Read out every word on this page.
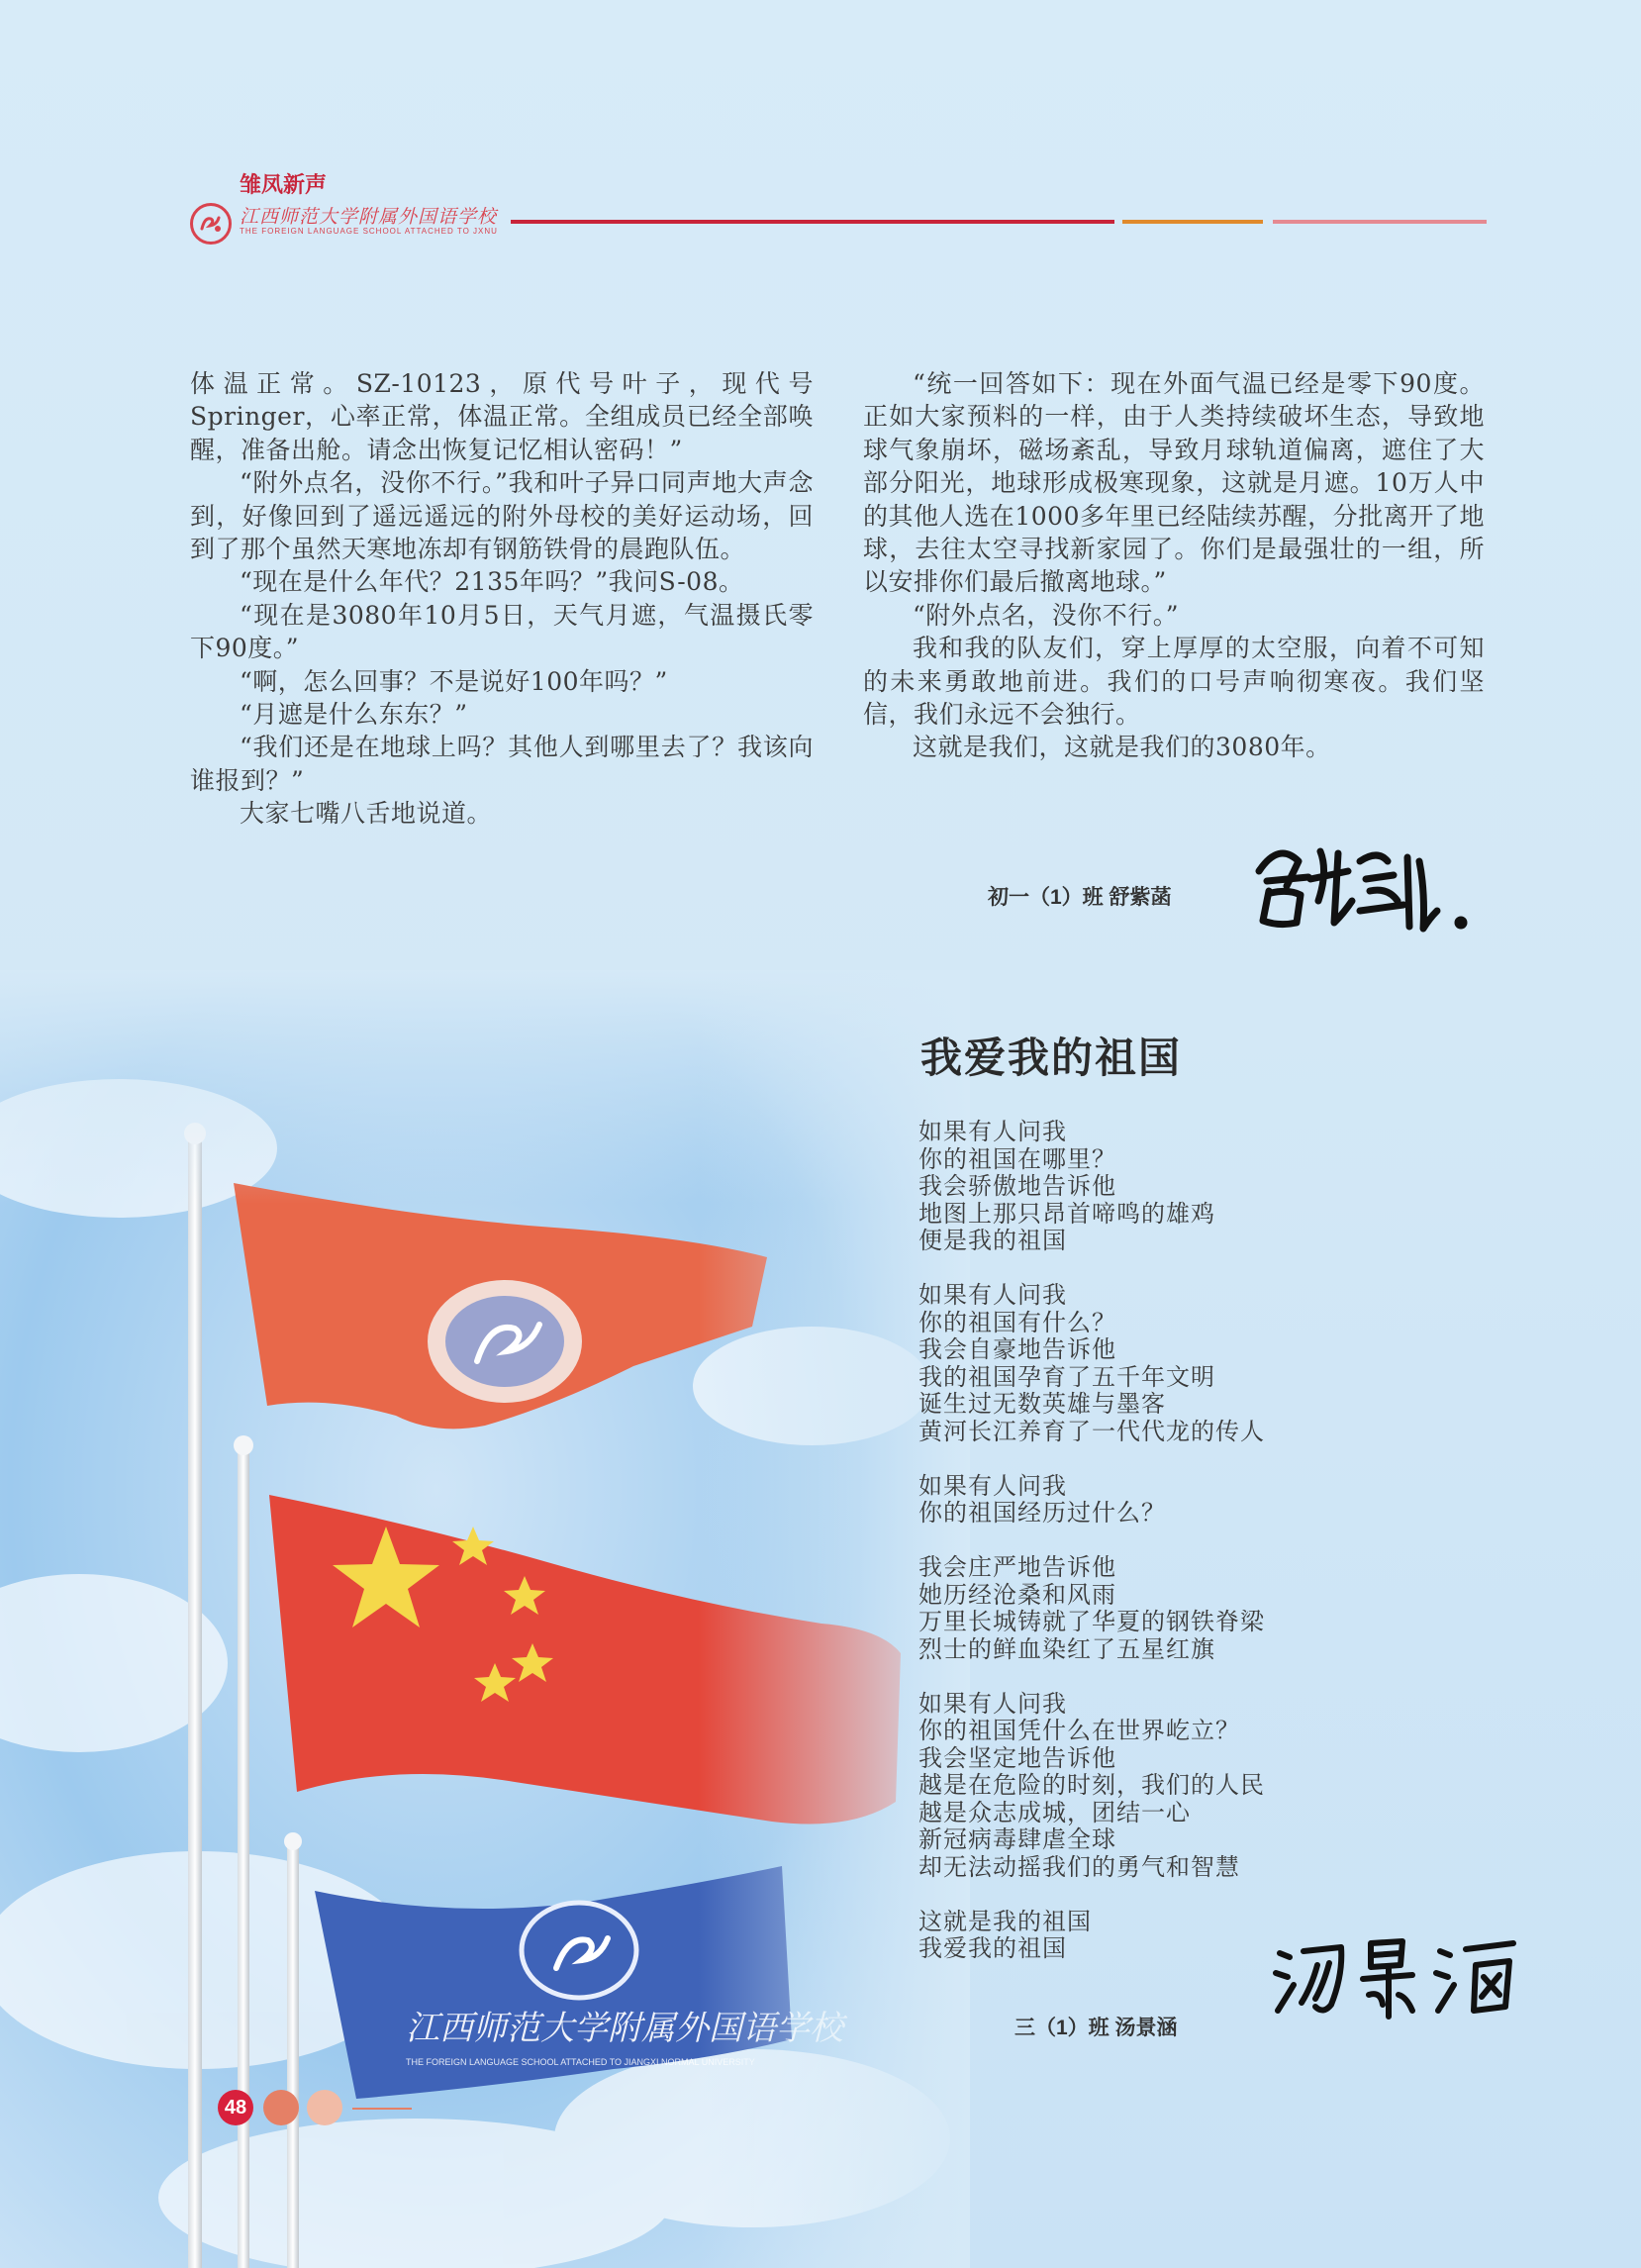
雏凤新声
江西师范大学附属外国语学校
THE FOREIGN LANGUAGE SCHOOL ATTACHED TO JXNU

体温正常。SZ-10123，原代号叶子，现代号Springer，心率正常，体温正常。全组成员已经全部唤醒，准备出舱。请念出恢复记忆相认密码！”

“附外点名，没你不行。”我和叶子异口同声地大声念到，好像回到了遥远遥远的附外母校的美好运动场，回到了那个虽然天寒地冻却有钢筋铁骨的晨跑队伍。

“现在是什么年代？2135年吗？”我问S-08。

“现在是3080年10月5日，天气月遮，气温摄氏零下90度。”

“啊，怎么回事？不是说好100年吗？”

“月遮是什么东东？”

“我们还是在地球上吗？其他人到哪里去了？我该向谁报到？”

大家七嘴八舌地说道。

“统一回答如下：现在外面气温已经是零下90度。正如大家预料的一样，由于人类持续破坏生态，导致地球气象崩坏，磁场紊乱，导致月球轨道偏离，遮住了大部分阳光，地球形成极寒现象，这就是月遮。10万人中的其他人选在1000多年里已经陆续苏醒，分批离开了地球，去往太空寻找新家园了。你们是最强壮的一组，所以安排你们最后撤离地球。”

“附外点名，没你不行。”

我和我的队友们，穿上厚厚的太空服，向着不可知的未来勇敢地前进。我们的口号声响彻寒夜。我们坚信，我们永远不会独行。

这就是我们，这就是我们的3080年。

初一（1）班 舒紫菡
我爱我的祖国
如果有人问我
你的祖国在哪里？
我会骄傲地告诉他
地图上那只昂首啼鸣的雄鸡
便是我的祖国
如果有人问我
你的祖国有什么？
我会自豪地告诉他
我的祖国孕育了五千年文明
诞生过无数英雄与墨客
黄河长江养育了一代代龙的传人
如果有人问我
你的祖国经历过什么？
我会庄严地告诉他
她历经沧桑和风雨
万里长城铸就了华夏的钢铁脊梁
烈士的鲜血染红了五星红旗
如果有人问我
你的祖国凭什么在世界屹立？
我会坚定地告诉他
越是在危险的时刻，我们的人民
越是众志成城，团结一心
新冠病毒肆虐全球
却无法动摇我们的勇气和智慧
这就是我的祖国
我爱我的祖国
三（1）班 汤景涵
48
